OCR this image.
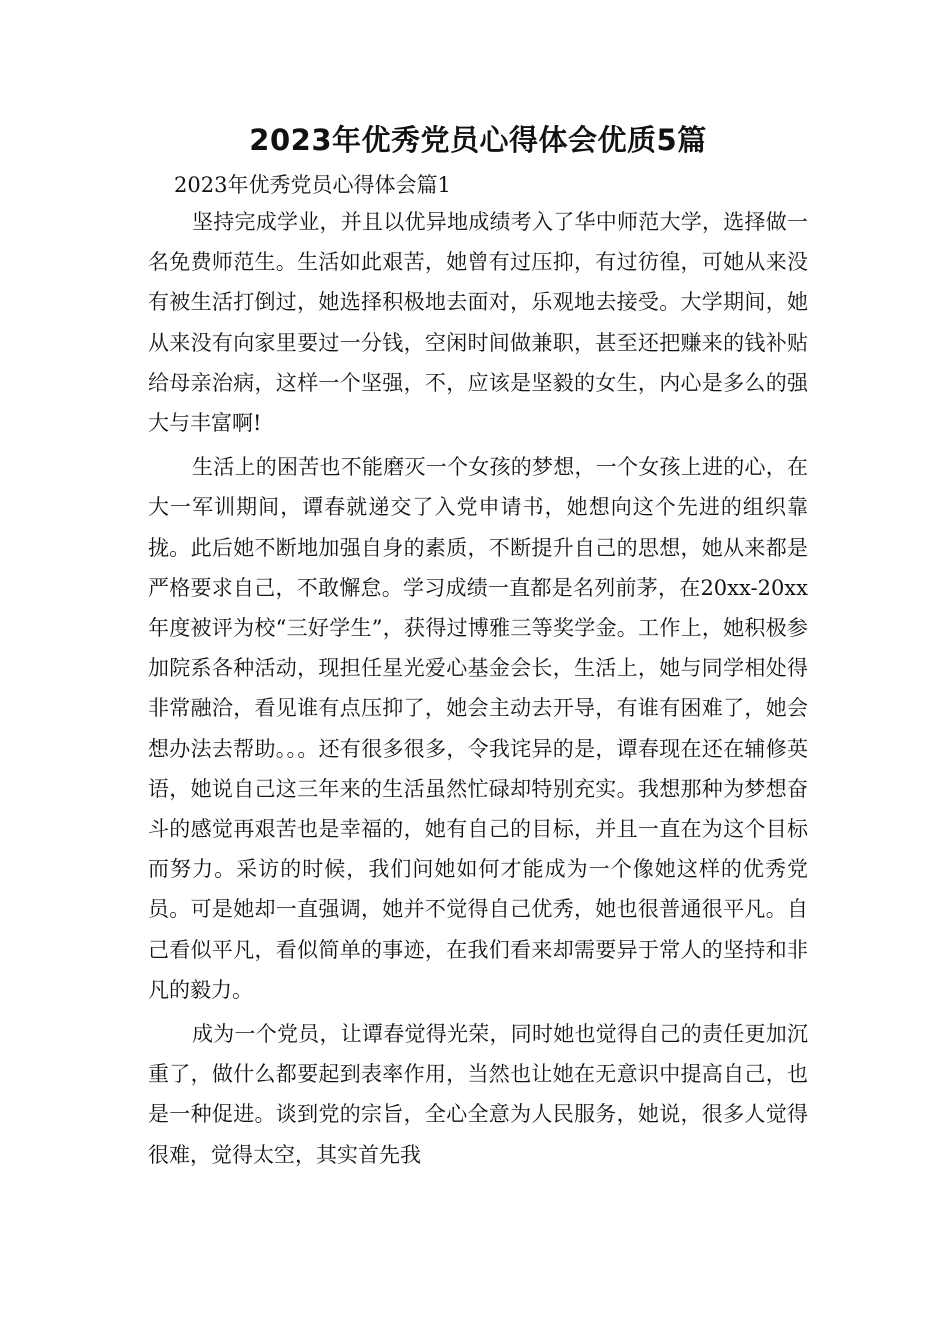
2023年优秀党员心得体会优质5篇

2023年优秀党员心得体会篇1

坚持完成学业，并且以优异地成绩考入了华中师范大学，选择做一名免费师范生。生活如此艰苦，她曾有过压抑，有过彷徨，可她从来没有被生活打倒过，她选择积极地去面对，乐观地去接受。大学期间，她从来没有向家里要过一分钱，空闲时间做兼职，甚至还把赚来的钱补贴给母亲治病，这样一个坚强，不，应该是坚毅的女生，内心是多么的强大与丰富啊!

生活上的困苦也不能磨灭一个女孩的梦想，一个女孩上进的心，在大一军训期间，谭春就递交了入党申请书，她想向这个先进的组织靠拢。此后她不断地加强自身的素质，不断提升自己的思想，她从来都是严格要求自己，不敢懈怠。学习成绩一直都是名列前茅，在20xx-20xx年度被评为校“三好学生”，获得过博雅三等奖学金。工作上，她积极参加院系各种活动，现担任星光爱心基金会长，生活上，她与同学相处得非常融洽，看见谁有点压抑了，她会主动去开导，有谁有困难了，她会想办法去帮助。。。还有很多很多，令我诧异的是，谭春现在还在辅修英语，她说自己这三年来的生活虽然忙碌却特别充实。我想那种为梦想奋斗的感觉再艰苦也是幸福的，她有自己的目标，并且一直在为这个目标而努力。采访的时候，我们问她如何才能成为一个像她这样的优秀党员。可是她却一直强调，她并不觉得自己优秀，她也很普通很平凡。自己看似平凡，看似简单的事迹，在我们看来却需要异于常人的坚持和非凡的毅力。

成为一个党员，让谭春觉得光荣，同时她也觉得自己的责任更加沉重了，做什么都要起到表率作用，当然也让她在无意识中提高自己，也是一种促进。谈到党的宗旨，全心全意为人民服务，她说，很多人觉得很难，觉得太空，其实首先我
